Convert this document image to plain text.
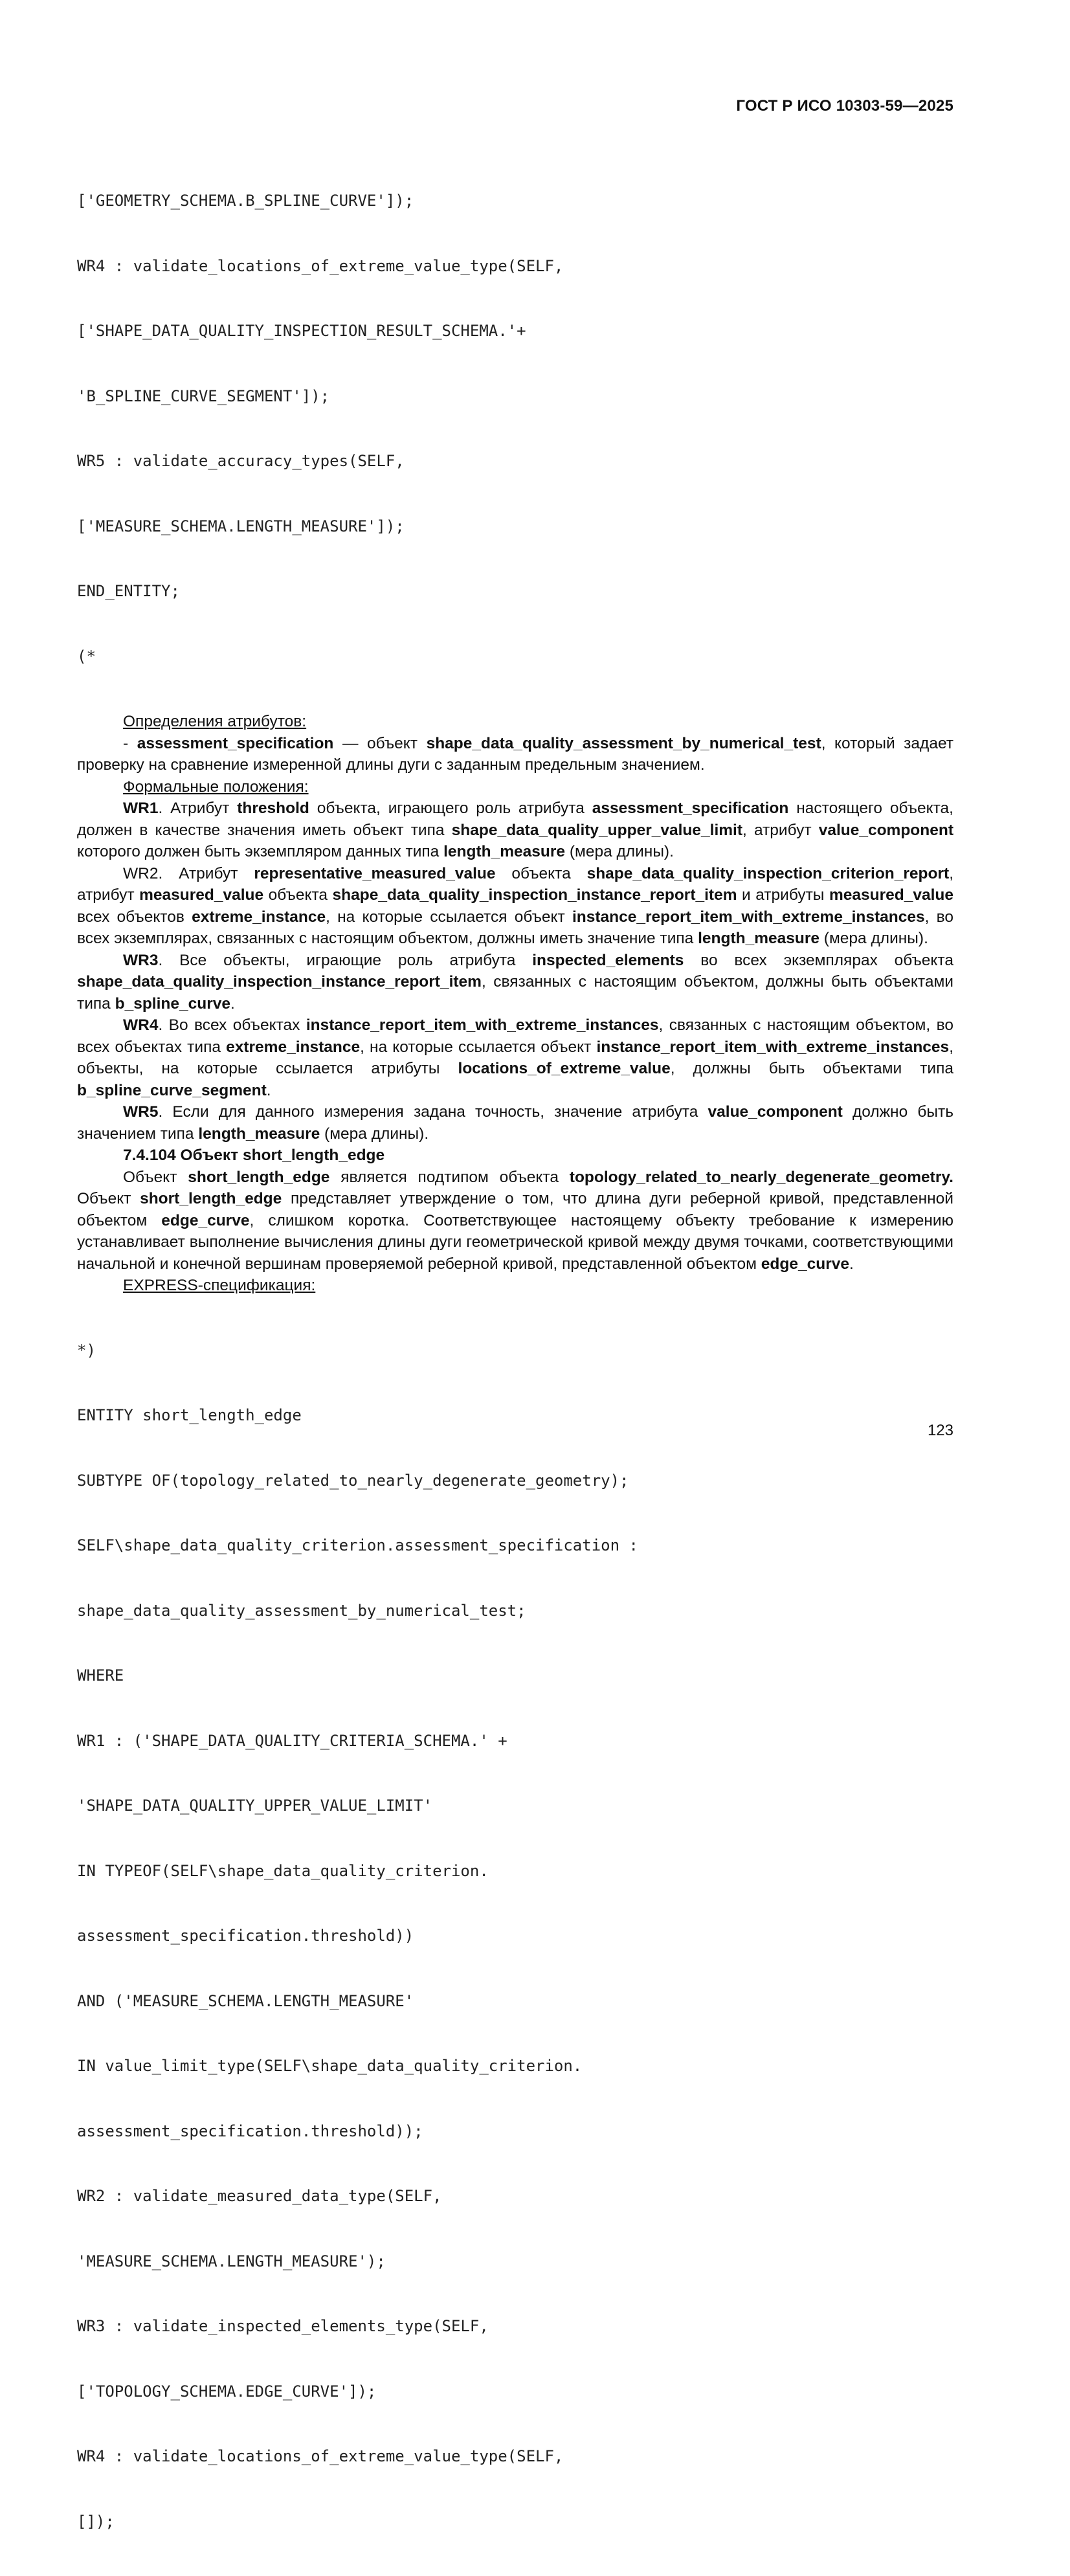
ГОСТ Р ИСО 10303-59—2025

['GEOMETRY_SCHEMA.B_SPLINE_CURVE']);

WR4 : validate_locations_of_extreme_value_type(SELF,

['SHAPE_DATA_QUALITY_INSPECTION_RESULT_SCHEMA.'+

'B_SPLINE_CURVE_SEGMENT']);

WR5 : validate_accuracy_types(SELF,

['MEASURE_SCHEMA.LENGTH_MEASURE']);

END_ENTITY;

(*

Определения атрибутов:
- assessment_specification — объект shape_data_quality_assessment_by_numerical_test, который задает проверку на сравнение измеренной длины дуги с заданным предельным значением.
Формальные положения:
WR1. Атрибут threshold объекта, играющего роль атрибута assessment_specification настоящего объекта, должен в качестве значения иметь объект типа shape_data_quality_upper_value_limit, атрибут value_component которого должен быть экземпляром данных типа length_measure (мера длины).
WR2. Атрибут representative_measured_value объекта shape_data_quality_inspection_criterion_report, атрибут measured_value объекта shape_data_quality_inspection_instance_report_item и атрибуты measured_value всех объектов extreme_instance, на которые ссылается объект instance_report_item_with_extreme_instances, во всех экземплярах, связанных с настоящим объектом, должны иметь значение типа length_measure (мера длины).
WR3. Все объекты, играющие роль атрибута inspected_elements во всех экземплярах объекта shape_data_quality_inspection_instance_report_item, связанных с настоящим объектом, должны быть объектами типа b_spline_curve.
WR4. Во всех объектах instance_report_item_with_extreme_instances, связанных с настоящим объектом, во всех объектах типа extreme_instance, на которые ссылается объект instance_report_item_with_extreme_instances, объекты, на которые ссылается атрибуты locations_of_extreme_value, должны быть объектами типа b_spline_curve_segment.
WR5. Если для данного измерения задана точность, значение атрибута value_component должно быть значением типа length_measure (мера длины).
7.4.104 Объект short_length_edge
Объект short_length_edge является подтипом объекта topology_related_to_nearly_degenerate_geometry. Объект short_length_edge представляет утверждение о том, что длина дуги реберной кривой, представленной объектом edge_curve, слишком коротка. Соответствующее настоящему объекту требование к измерению устанавливает выполнение вычисления длины дуги геометрической кривой между двумя точками, соответствующими начальной и конечной вершинам проверяемой реберной кривой, представленной объектом edge_curve.
EXPRESS-спецификация:

*)

ENTITY short_length_edge

SUBTYPE OF(topology_related_to_nearly_degenerate_geometry);

SELF\shape_data_quality_criterion.assessment_specification :

shape_data_quality_assessment_by_numerical_test;

WHERE

WR1 : ('SHAPE_DATA_QUALITY_CRITERIA_SCHEMA.' +

'SHAPE_DATA_QUALITY_UPPER_VALUE_LIMIT'

IN TYPEOF(SELF\shape_data_quality_criterion.

assessment_specification.threshold))

AND ('MEASURE_SCHEMA.LENGTH_MEASURE'

IN value_limit_type(SELF\shape_data_quality_criterion.

assessment_specification.threshold));

WR2 : validate_measured_data_type(SELF,

'MEASURE_SCHEMA.LENGTH_MEASURE');

WR3 : validate_inspected_elements_type(SELF,

['TOPOLOGY_SCHEMA.EDGE_CURVE']);

WR4 : validate_locations_of_extreme_value_type(SELF,

[]);

123
